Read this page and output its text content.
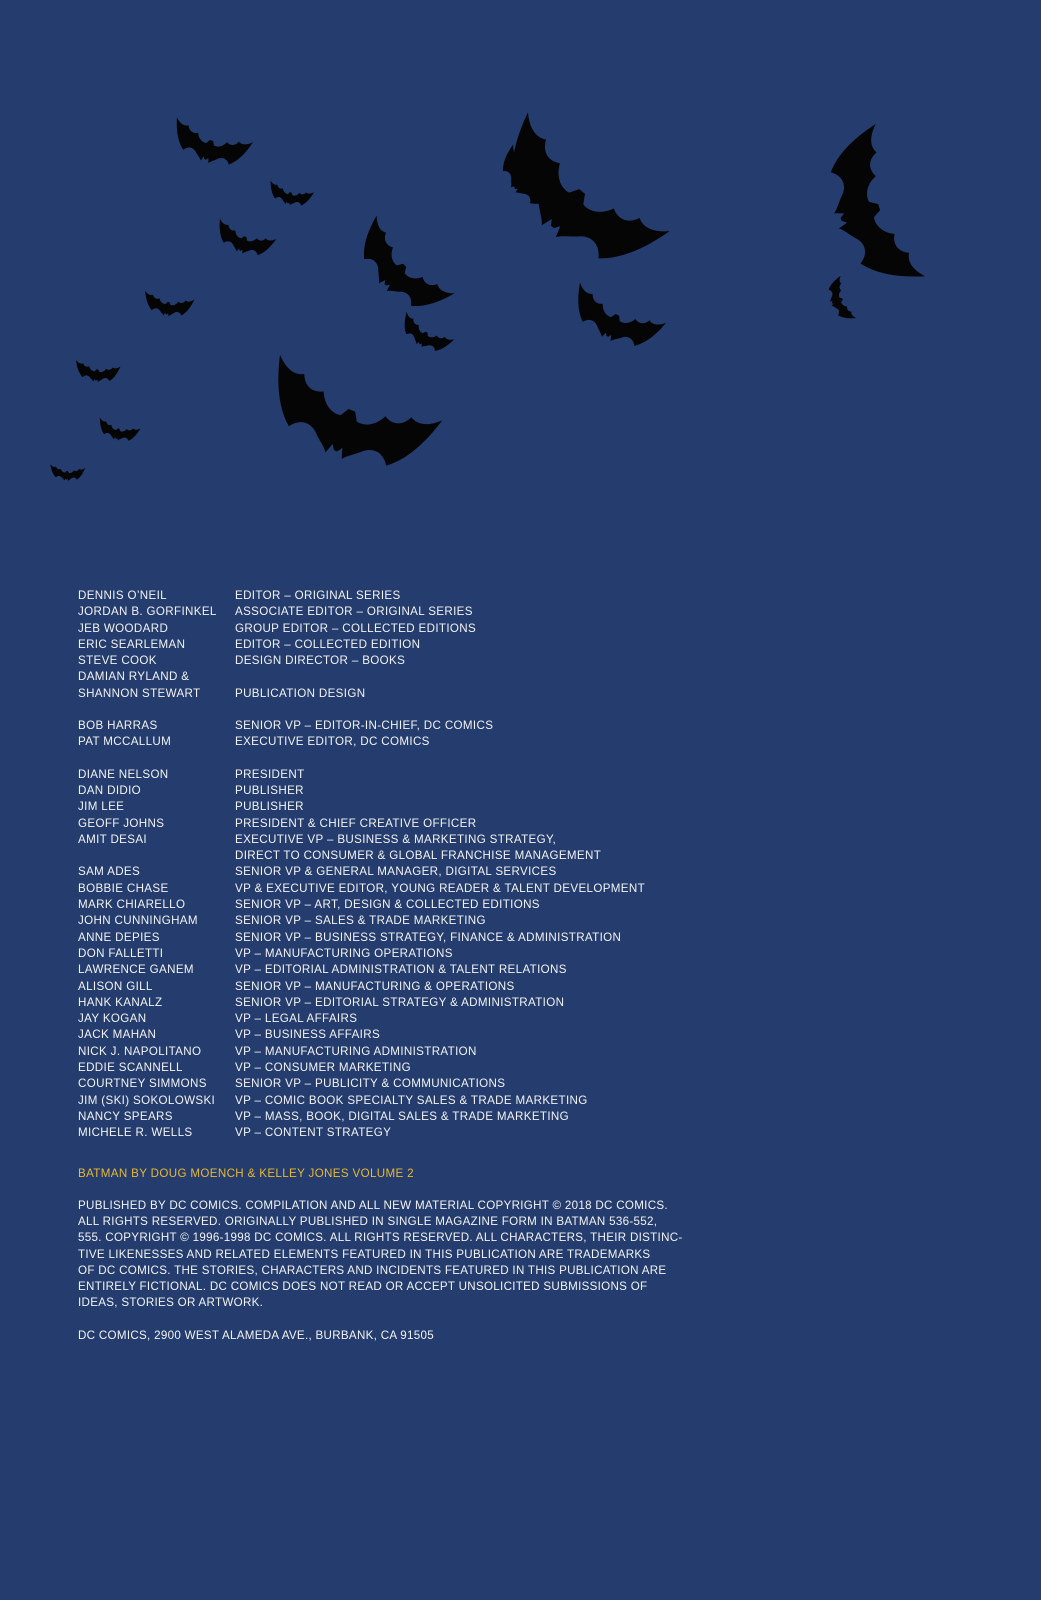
DENNIS O’NEIL	EDITOR – ORIGINAL SERIES
JORDAN B. GORFINKEL	ASSOCIATE EDITOR – ORIGINAL SERIES
JEB WOODARD	GROUP EDITOR – COLLECTED EDITIONS
ERIC SEARLEMAN	EDITOR – COLLECTED EDITION
STEVE COOK	DESIGN DIRECTOR – BOOKS
DAMIAN RYLAND &
SHANNON STEWART	PUBLICATION DESIGN
BOB HARRAS	SENIOR VP – EDITOR-IN-CHIEF, DC COMICS
PAT MCCALLUM	EXECUTIVE EDITOR, DC COMICS
DIANE NELSON	PRESIDENT
DAN DIDIO	PUBLISHER
JIM LEE	PUBLISHER
GEOFF JOHNS	PRESIDENT & CHIEF CREATIVE OFFICER
AMIT DESAI	EXECUTIVE VP – BUSINESS & MARKETING STRATEGY,
DIRECT TO CONSUMER & GLOBAL FRANCHISE MANAGEMENT
SAM ADES	SENIOR VP & GENERAL MANAGER, DIGITAL SERVICES
BOBBIE CHASE	VP & EXECUTIVE EDITOR, YOUNG READER & TALENT DEVELOPMENT
MARK CHIARELLO	SENIOR VP – ART, DESIGN & COLLECTED EDITIONS
JOHN CUNNINGHAM	SENIOR VP – SALES & TRADE MARKETING
ANNE DEPIES	SENIOR VP – BUSINESS STRATEGY, FINANCE & ADMINISTRATION
DON FALLETTI	VP – MANUFACTURING OPERATIONS
LAWRENCE GANEM	VP – EDITORIAL ADMINISTRATION & TALENT RELATIONS
ALISON GILL	SENIOR VP – MANUFACTURING & OPERATIONS
HANK KANALZ	SENIOR VP – EDITORIAL STRATEGY & ADMINISTRATION
JAY KOGAN	VP – LEGAL AFFAIRS
JACK MAHAN	VP – BUSINESS AFFAIRS
NICK J. NAPOLITANO	VP – MANUFACTURING ADMINISTRATION
EDDIE SCANNELL	VP – CONSUMER MARKETING
COURTNEY SIMMONS	SENIOR VP – PUBLICITY & COMMUNICATIONS
JIM (SKI) SOKOLOWSKI	VP – COMIC BOOK SPECIALTY SALES & TRADE MARKETING
NANCY SPEARS	VP – MASS, BOOK, DIGITAL SALES & TRADE MARKETING
MICHELE R. WELLS	VP – CONTENT STRATEGY
BATMAN BY DOUG MOENCH & KELLEY JONES VOLUME 2
PUBLISHED BY DC COMICS. COMPILATION AND ALL NEW MATERIAL COPYRIGHT © 2018 DC COMICS.
ALL RIGHTS RESERVED. ORIGINALLY PUBLISHED IN SINGLE MAGAZINE FORM IN BATMAN 536-552,
555. COPYRIGHT © 1996-1998 DC COMICS. ALL RIGHTS RESERVED. ALL CHARACTERS, THEIR DISTINC-
TIVE LIKENESSES AND RELATED ELEMENTS FEATURED IN THIS PUBLICATION ARE TRADEMARKS
OF DC COMICS. THE STORIES, CHARACTERS AND INCIDENTS FEATURED IN THIS PUBLICATION ARE
ENTIRELY FICTIONAL. DC COMICS DOES NOT READ OR ACCEPT UNSOLICITED SUBMISSIONS OF
IDEAS, STORIES OR ARTWORK.
DC COMICS, 2900 WEST ALAMEDA AVE., BURBANK, CA 91505
